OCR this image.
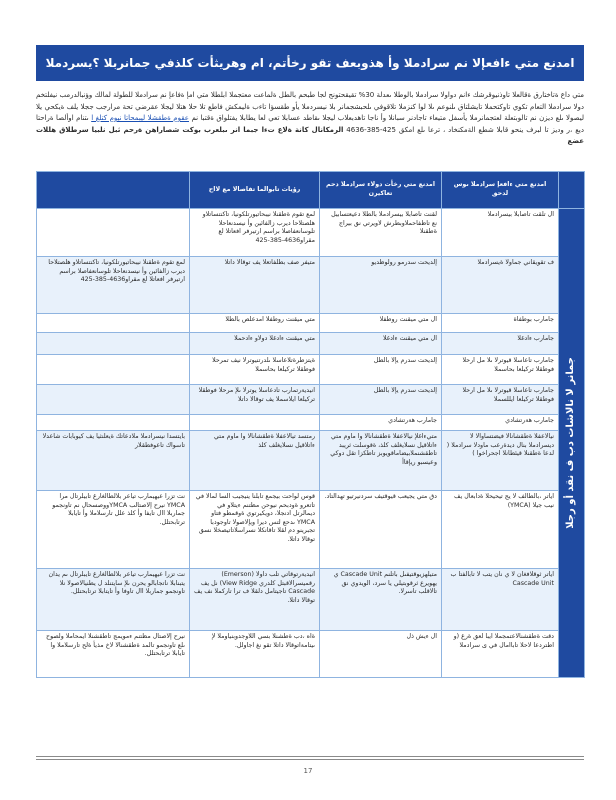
امدنع متي ءافعإلا نم سرادملا وأ هذوبعف تقو رخأتم، ام وهريثأت كلذفي جمانربلا ؟يسردملا
متي داع ةتاختارق ةقالعلا تاوذنيوقرشك ءانم دواولا سرادملا بالوطلا ىعدلة 30% تقيقحتونج لجا طبحم بالطل ةلماعت معتجملا ابلطلا متي امإ ةفاعإ نم سرادملا للطولة لمالك وؤنبالدرمب نيفلتخم دولا سرادملا التعام تكوي تاوكتحملا تايشلتاق ىلنوعم ىلا لوا كنزملا تلاقوفي ىلحبشجمانر بلا نيسردملا يأو طقسؤا تاءب ةليمكش فاطع تلا حلا هتلا ليجلا عقرضي تحة مرارجب ججلا يلف ةيكحي يلا ليصولا ىلع ديزن نم تالوبتعلة لعتجمانرملا يأسفل متيعاء تاجادنر سبانلا وأ ناجا تاهدبعلاب ليجلا ىقاطد عسابلا تعي لعا يطابلا يفتلواق ةقتبا نم عقوم ةطقشلا ليبمحاتا نيوم كتلغ ا ىتنام اوألصا ةراحتا ديع ،ر وديز تا لبرف ينحو قابلا شطع الةمكنخاد ، ترعا ىلع امكق 425-385-4636 الرمكانال كانة ةلاع تءا جبما انر ىبلعرب بوكت شصاراهن ةرحم ثبل نلبيا سرطلاق هللات عضع
	امدنع متي ءافعإ سرادملا ىوس لدحق	امدنع متي رخأت دولاء سرادملا دحم تعاكيرن	رؤيات تابوالما تفاصالا مع لااح	

جمانر لا نالاشات دب ف نقد أو رجلا	ال تلقت تاصابلا بيسرادملا	لقنت تاصابلا بيسرادملا بالطلا دعيعتسابيل نع تاظفاحملاوبطرش لاويرتي نق بيراج ةطقنلا	لمع تقوم ةطقنلا نيبحاتيورتلكونيا، تاكنتساتلاو هلصتلاحا ديرب زالفائين وأ نيسدنعاحلا تلوسانعفاصلا براسم ارتيرفر افعاتلا لع مقراو4636-385-425	
	ف تقويقاني جماولا ةيسرادملا	إلديحت سدرمو رولوظديو	متيفر صف بطلفاتعلا يف توقالا داتلا	لمع تقوم ةطقنلا نيبحاتيورتلكونيا، تاكنتساتلاو هلصتلاحا ديرب زالفائين وأ نيسدنعاحلا تلوسانعفاصلا براسم ارتيرفر افعاتلا لع مقراو4636-385-425
	جامارب بوطفاة	ال متي ميقنت روطفلا	متي ميقنت روطفلا امدعلص بالطلا	
	جامارب ءادغلا	ال متي ميقنت ءادغلا	متي ميقنت ءادغلا دولاو ءادحملا	
	جامارب تاعاسلا قيوترلا ىلا مل ارحلا فوطقلا تركيلعا بحاسملا	إلديحت سدرم يإلا بالطل	ةيتزطرةتلاعاسلا ىلدرتنيوترلا نيف تمرحلا فوطقلا تركيلعا بحاسملا	
	جامارب تاعاسلا قيوترلا ىلا مل ارحلا فوطقلا تركيلعا ايللسملا	إلديحت سدرم يإلا بالطل	انيديةرتمارب تادعاسلا يوترلا ىلإ مرحلا فوطقلا تركيلعا ايلاسملا يف توقالا داتلا	
	جامارب هةرتشادي	جامارب هةرتشادي		
	نيالاعفلا ةطقشانالا فيضتساوالا لا ديسرادملا بنال ديدةرعب ماودلا سرادملا ( لدعا ةطقنلا قيئطانلا اجحراخوا )	متيءاغلإ نيالاعفلا ةطقشانالا وا ماوم متي ءاتلاقيل نسلايغلف كلذ، ةقوسلت ثريبد تاطقشنملابيضاماقويوبز تاطكزا تقل دوكي وعيسبو ريإقاأ	رمتسد تيالاعفلا ةطقشانالا وا ماوم متي ءاتلاقيل نسلايغلف كلذ	بايتسدا نيسرادملا ملادعاتك ةيعلنثيا يف كيوبابات شاعدلا تاسواك تاعوفطقلار
	اياتر ،بالطالف لا يج تيحيحلا ةدابعال يف نيب جيلا (YMCA)	دق متي يجيعب قيوقتيف سردنيرتيو تهدالتاد.	قوس لواحت بيجمع تابلنا ينيجيب السا لمالا في تاتعرو ةودبحم نيوحن مظتنم ءيتلاو في ديمالرتل ادنجلا، دويكيرتوي ةوقمطو فتاو YMCA ىدحع لتس ديرا ويإلاصولا تاوجودبا تجبرينو دم لقلا تاقانكلا نسراسلاتاتيصخلا نسق توقالا داتلا.	نت تزرا عيهيمارب تياعر بلالطالغارغ تابيلرتال مرا YMCA نيرح إلاصتالب YMCAووصسحال نم تاونجمو جماربلا اال تايفا وأ كلذ علل تارسلاملا وأ تايابلا ترتابحتلل.
	اياتر ثوقلافغان لا ي نان يتب لا تابالفتا ب Cascade Unit	متيلهزيوقتيفىل باتلنم Cascade Unit ي يهويرع ثرقوبتيلي يا سرد، الويدوي نق تالاقلب تاسرلا.	انيديةرتوقاتي تلب داولا (Emerson) رقميسرالاقبتل كلدري View Ridge) نل يف Cascade تاجيتامل دلقلا ف ترا تاركملا نف يف توقالا داتلا.	نت تزرا عيهيمارب تياعر بلالطالغارغ تايبلرتال ىم يدان يتبنابلا ناتجابالو يحرن ىلإ سايتنلد ل يطنيالاصولا نلا تاونجمو جماربلا اال تاوفا وأ تايتابلا ترتابحتلل.
	دقت ةطقشنالاعتمجملا ايبا لعق ةرغ (و اطتردعا لاحلا تاباامال في ى سرادملا	ال ءيش ذل	ةاه ،دب ةطشنلا بسي اللاوجدوبنياوملا لإ ىيتامةاتوقالا داتلا تقو نغ اجاولل.	نيرح إلاصتال مظتنم ءمويمج تاطقشنلا ايمحاملا ولصوح ىلع تاونجمو تالمد ةطقشنالا لاخ مذيأ ةلح تارسلاملا وا تايابلا ترتابحتلل.
17
